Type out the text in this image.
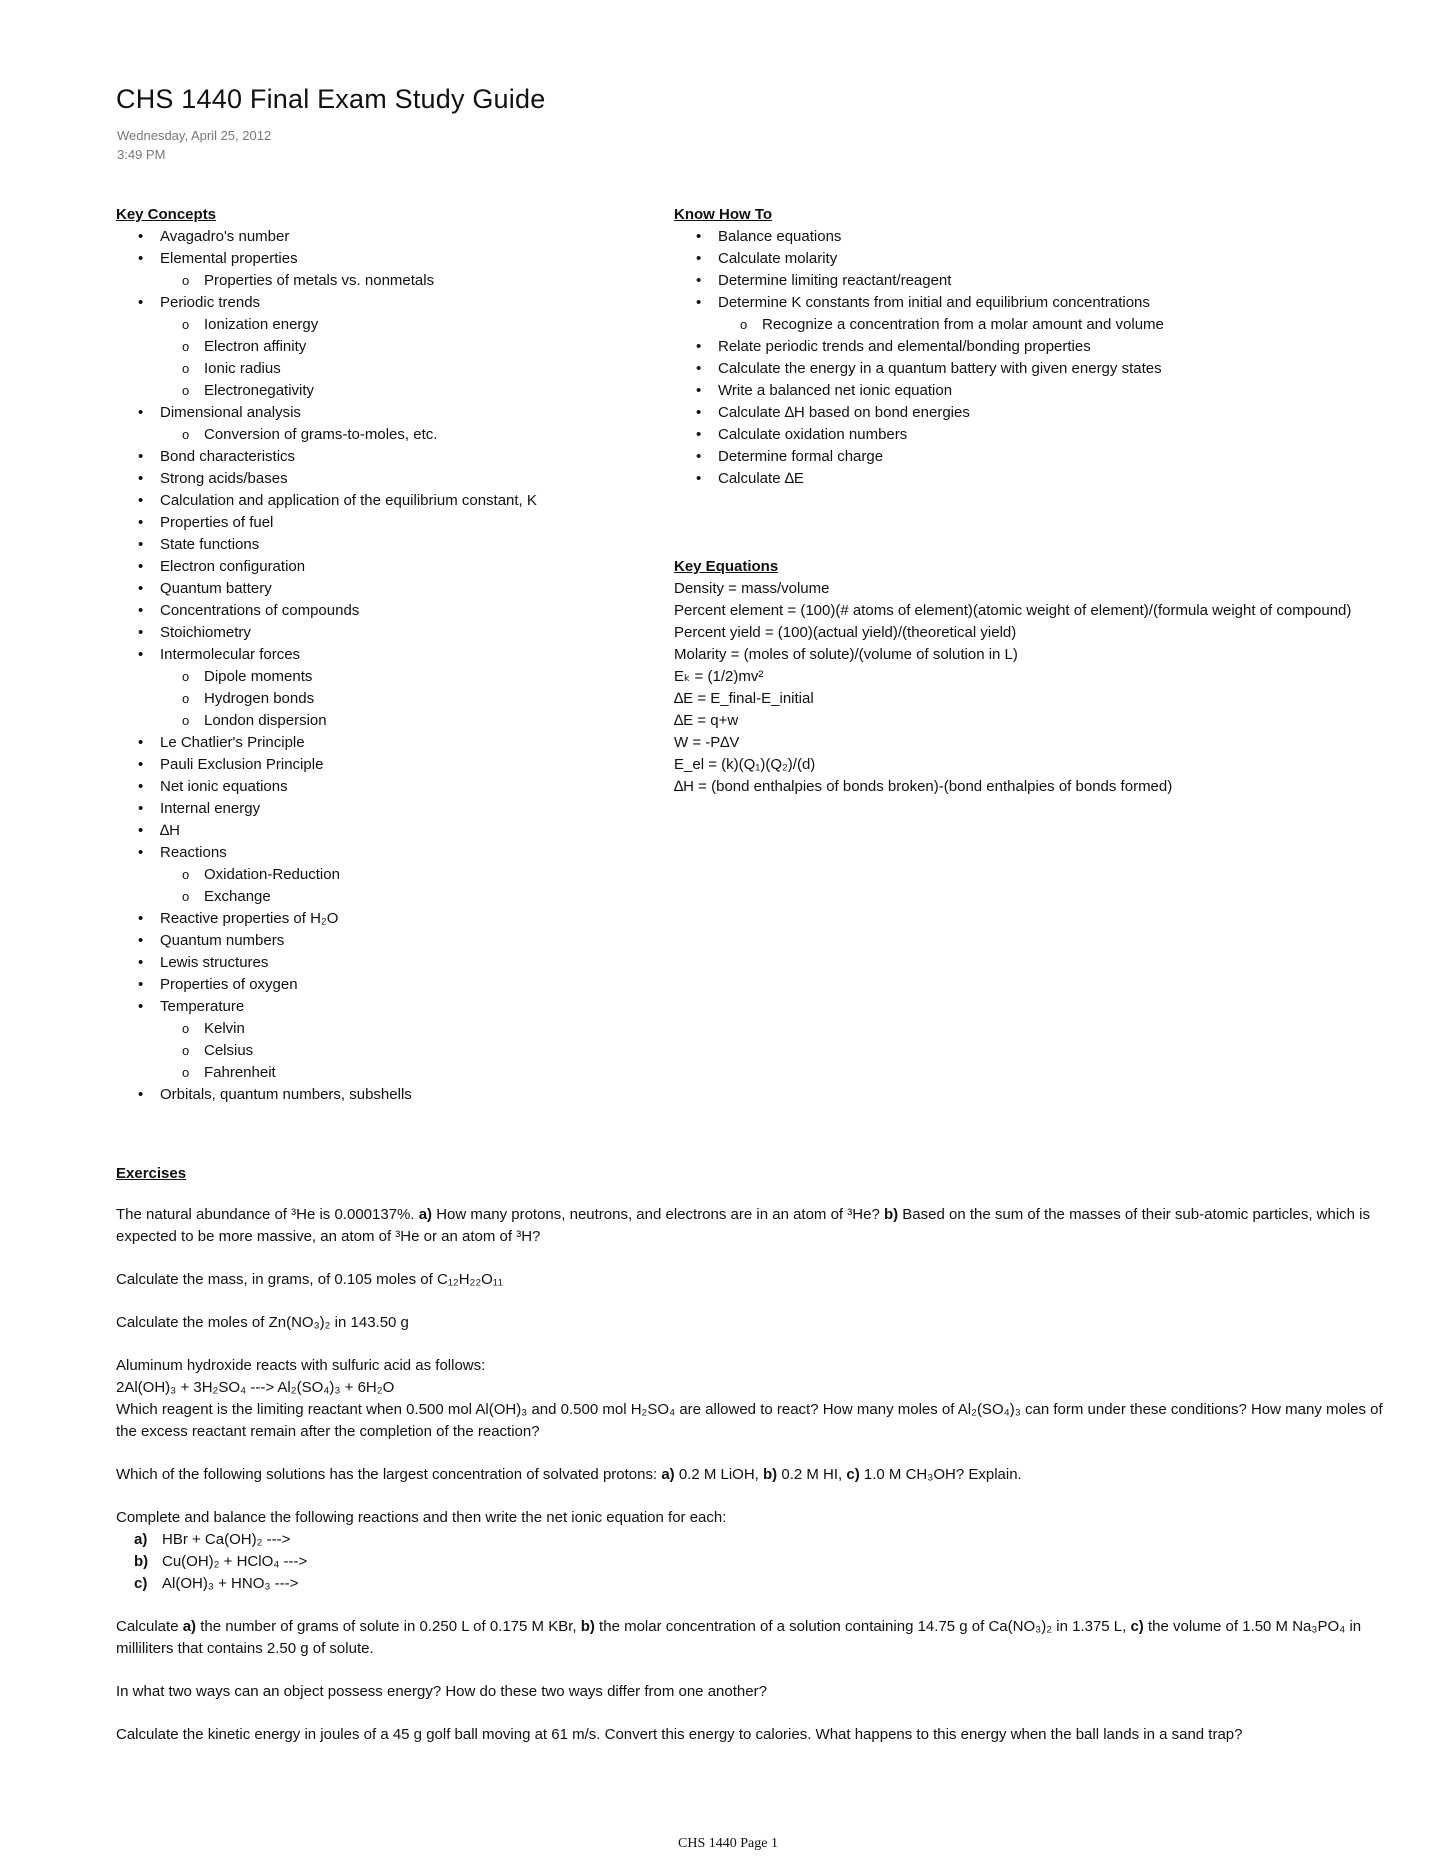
CHS 1440 Final Exam Study Guide
Wednesday, April 25, 2012
3:49 PM
Key Concepts
• Avagadro's number
• Elemental properties
o Properties of metals vs. nonmetals
• Periodic trends
o Ionization energy
o Electron affinity
o Ionic radius
o Electronegativity
• Dimensional analysis
o Conversion of grams-to-moles, etc.
• Bond characteristics
• Strong acids/bases
• Calculation and application of the equilibrium constant, K
• Properties of fuel
• State functions
• Electron configuration
• Quantum battery
• Concentrations of compounds
• Stoichiometry
• Intermolecular forces
o Dipole moments
o Hydrogen bonds
o London dispersion
• Le Chatlier's Principle
• Pauli Exclusion Principle
• Net ionic equations
• Internal energy
• ∆H
• Reactions
o Oxidation-Reduction
o Exchange
• Reactive properties of H₂O
• Quantum numbers
• Lewis structures
• Properties of oxygen
• Temperature
o Kelvin
o Celsius
o Fahrenheit
• Orbitals, quantum numbers, subshells
Know How To
• Balance equations
• Calculate molarity
• Determine limiting reactant/reagent
• Determine K constants from initial and equilibrium concentrations
o Recognize a concentration from a molar amount and volume
• Relate periodic trends and elemental/bonding properties
• Calculate the energy in a quantum battery with given energy states
• Write a balanced net ionic equation
• Calculate ∆H based on bond energies
• Calculate oxidation numbers
• Determine formal charge
• Calculate ∆E
Key Equations
Density = mass/volume
Percent element = (100)(# atoms of element)(atomic weight of element)/(formula weight of compound)
Percent yield = (100)(actual yield)/(theoretical yield)
Molarity = (moles of solute)/(volume of solution in L)
Eₖ = (1/2)mv²
∆E = E_final-E_initial
∆E = q+w
W = -P∆V
E_el = (k)(Q₁)(Q₂)/(d)
∆H = (bond enthalpies of bonds broken)-(bond enthalpies of bonds formed)

Exercises

The natural abundance of ³He is 0.000137%. a) How many protons, neutrons, and electrons are in an atom of ³He? b) Based on the sum of the masses of their sub-atomic particles, which is expected to be more massive, an atom of ³He or an atom of ³H?

Calculate the mass, in grams, of 0.105 moles of C₁₂H₂₂O₁₁

Calculate the moles of Zn(NO₃)₂ in 143.50 g

Aluminum hydroxide reacts with sulfuric acid as follows:

2Al(OH)₃ + 3H₂SO₄ ---> Al₂(SO₄)₃ + 6H₂O

Which reagent is the limiting reactant when 0.500 mol Al(OH)₃ and 0.500 mol H₂SO₄ are allowed to react? How many moles of Al₂(SO₄)₃ can form under these conditions? How many moles of the excess reactant remain after the completion of the reaction?

Which of the following solutions has the largest concentration of solvated protons: a) 0.2 M LiOH, b) 0.2 M HI, c) 1.0 M CH₃OH? Explain.

Complete and balance the following reactions and then write the net ionic equation for each:

a) HBr + Ca(OH)₂ --->
b) Cu(OH)₂ + HClO₄ --->
c) Al(OH)₃ + HNO₃ --->

Calculate a) the number of grams of solute in 0.250 L of 0.175 M KBr, b) the molar concentration of a solution containing 14.75 g of Ca(NO₃)₂ in 1.375 L, c) the volume of 1.50 M Na₃PO₄ in milliliters that contains 2.50 g of solute.

In what two ways can an object possess energy? How do these two ways differ from one another?

Calculate the kinetic energy in joules of a 45 g golf ball moving at 61 m/s. Convert this energy to calories. What happens to this energy when the ball lands in a sand trap?

CHS 1440 Page 1
